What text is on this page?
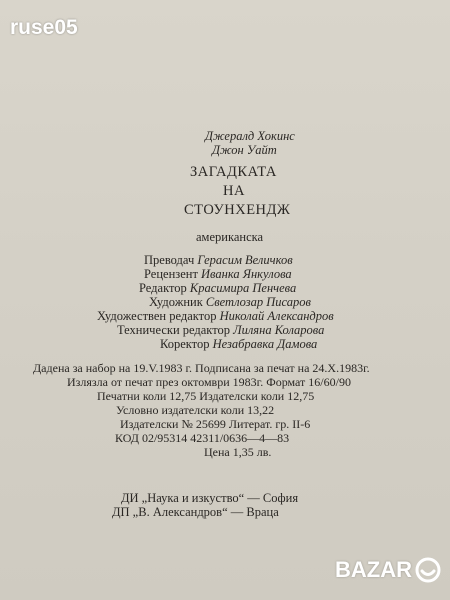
ruse05
Джералд Хокинс
Джон Уайт
ЗАГАДКАТА
НА
СТОУНХЕНДЖ
американска
Преводач Герасим Величков
Рецензент Иванка Янкулова
Редактор Красимира Пенчева
Художник Светлозар Писаров
Художествен редактор Николай Александров
Технически редактор Лиляна Коларова
Коректор Незабравка Дамова
Дадена за набор на 19.V.1983 г. Подписана за печат на 24.X.1983г.
Излязла от печат през октомври 1983г. Формат 16/60/90
Печатни коли 12,75 Издателски коли 12,75
Условно издателски коли 13,22
Издателски № 25699 Литерат. гр. II-6
КОД 02/95314 42311/0636—4—83
Цена 1,35 лв.
ДИ „Наука и изкуство“ — София
ДП „В. Александров“ — Враца
BAZAR
